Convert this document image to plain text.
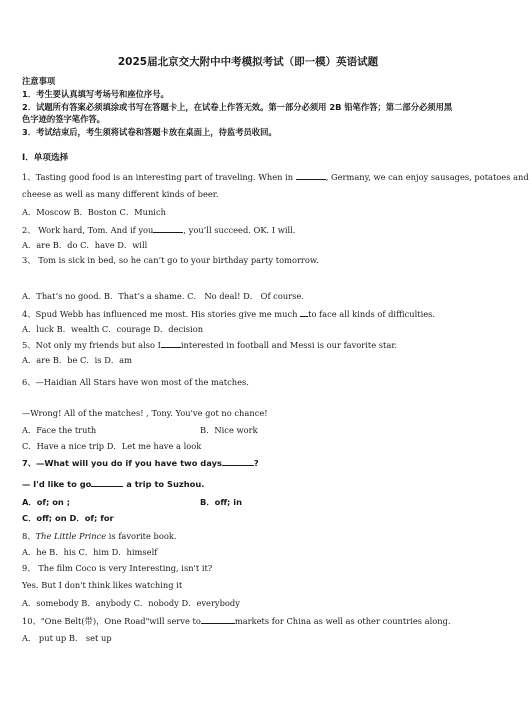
2025届北京交大附中中考模拟考试（即一模）英语试题
注意事项
1．考生要认真填写考场号和座位序号。
2．试题所有答案必须填涂或书写在答题卡上，在试卷上作答无效。第一部分必须用 2B 铅笔作答；第二部分必须用黑
色字迹的签字笔作答。
3．考试结束后，考生须将试卷和答题卡放在桌面上，待监考员收回。
Ⅰ．单项选择
1、Tasting good food is an interesting part of traveling. When in	, Germany, we can enjoy sausages, potatoes and
cheese as well as many different kinds of beer.
A．Moscow B．Boston C．Munich
2、 Work hard, Tom. And if you	, you’ll succeed. OK. I will.
A．are B．do C．have D．will
3、 Tom is sick in bed, so he can’t go to your birthday party tomorrow.
A．That’s no good. B．That’s a shame. C． No deal! D． Of course.
4、Spud Webb has influenced me most. His stories give me much to face all kinds of difficulties.
A．luck B．wealth C．courage D．decision
5、Not only my friends but also I interested in football and Messi is our favorite star.
A．are B．be C．is D．am
6、—Haidian All Stars have won most of the matches.
—Wrong! All of the matches! , Tony. You've got no chance!
A．Face the truth	B．Nice work
C．Have a nice trip D．Let me have a look
7、—What will you do if you have two days	?
— I'd like to go	a trip to Suzhou.
A．of; on ;	B．off; in
C．off; on D．of; for
8、The Little Prince is favorite book.
A．he B．his C．him D．himself
9、 The film Coco is very Interesting, isn't it?
Yes. But I don't think likes watching it
A．somebody B．anybody C．nobody D．everybody
10、"One Belt(带)，One Road"will serve to	markets for China as well as other countries along.
A． put up B． set up
